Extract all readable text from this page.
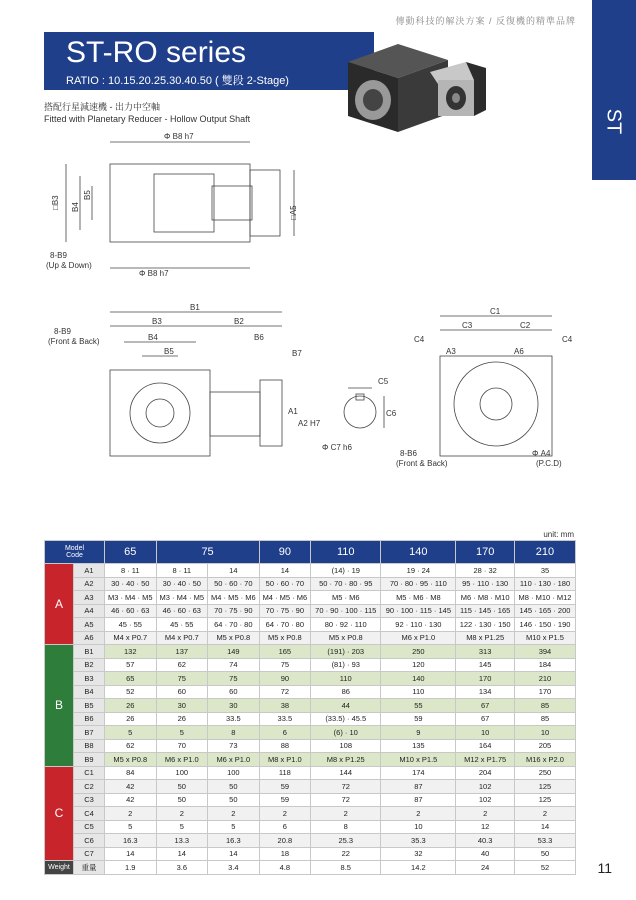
傳動科技的解決方案 / 反復機的精準品牌
ST
ST-RO series
RATIO : 10.15.20.25.30.40.50 ( 雙段 2-Stage)
搭配行星減速機 - 出力中空軸
Fitted with Planetary Reducer - Hollow Output Shaft
Φ B8 h7
Φ B8 h7
□B3 B4
B5
□A5
8-B9
(Up & Down)
B1
B3	B2
B4
B5
B6
B7
A1
A2 H7
8-B9
(Front & Back)
C5
C6
Φ C7 h6
C1
C3	C2
C4	C4
A3	A6
8-B6
(Front & Back)
Φ A4
(P.C.D)
unit: mm
Model
Code		65	75		90	110	140	170	210
A	A1	8 · 11	8 · 11	14	14	(14) · 19	19 · 24	28 · 32	35
	A2	30 · 40 · 50	30 · 40 · 50	50 · 60 · 70	50 · 60 · 70	50 · 70 · 80 · 95	70 · 80 · 95 · 110	95 · 110 · 130	110 · 130 · 180
	A3	M3 · M4 · M5	M3 · M4 · M5	M4 · M5 · M6	M4 · M5 · M6	M5 · M6	M5 · M6 · M8	M6 · M8 · M10	M8 · M10 · M12
	A4	46 · 60 · 63	46 · 60 · 63	70 · 75 · 90	70 · 75 · 90	70 · 90 · 100 · 115	90 · 100 · 115 · 145	115 · 145 · 165	145 · 165 · 200
	A5	45 · 55	45 · 55	64 · 70 · 80	64 · 70 · 80	80 · 92 · 110	92 · 110 · 130	122 · 130 · 150	146 · 150 · 190
	A6	M4 x P0.7	M4 x P0.7	M5 x P0.8	M5 x P0.8	M5 x P0.8	M6 x P1.0	M8 x P1.25	M10 x P1.5
B	B1	132	137	149	165	(191) · 203	250	313	394
	B2	57	62	74	75	(81) · 93	120	145	184
	B3	65	75	75	90	110	140	170	210
	B4	52	60	60	72	86	110	134	170
	B5	26	30	30	38	44	55	67	85
	B6	26	26	33.5	33.5	(33.5) · 45.5	59	67	85
	B7	5	5	8	6	(6) · 10	9	10	10
	B8	62	70	73	88	108	135	164	205
	B9	M5 x P0.8	M6 x P1.0	M6 x P1.0	M8 x P1.0	M8 x P1.25	M10 x P1.5	M12 x P1.75	M16 x P2.0
C	C1	84	100	100	118	144	174	204	250
	C2	42	50	50	59	72	87	102	125
	C3	42	50	50	59	72	87	102	125
	C4	2	2	2	2	2	2	2	2
	C5	5	5	5	6	8	10	12	14
	C6	16.3	13.3	16.3	20.8	25.3	35.3	40.3	53.3
	C7	14	14	14	18	22	32	40	50
Weight	重量	1.9	3.6	3.4	4.8	8.5	14.2	24	52	11
